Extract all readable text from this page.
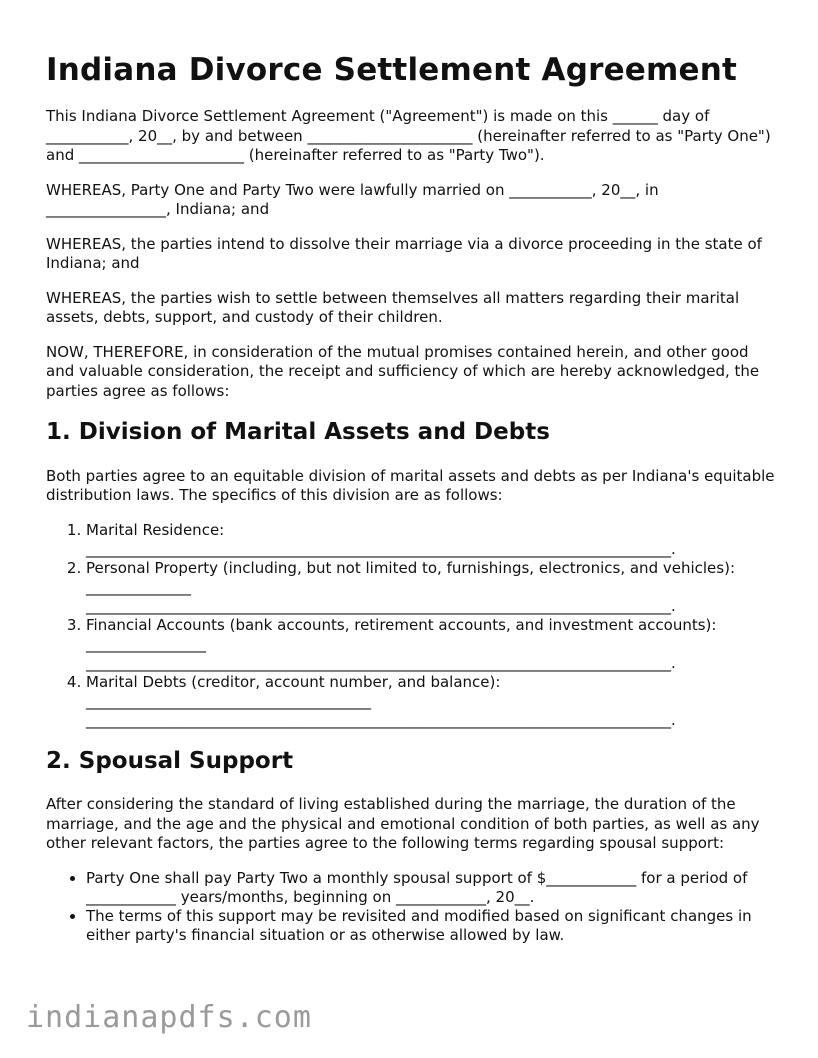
Indiana Divorce Settlement Agreement

This Indiana Divorce Settlement Agreement ("Agreement") is made on this ______ day of ___________, 20__, by and between ______________________ (hereinafter referred to as "Party One") and ______________________ (hereinafter referred to as "Party Two").

WHEREAS, Party One and Party Two were lawfully married on ___________, 20__, in ________________, Indiana; and

WHEREAS, the parties intend to dissolve their marriage via a divorce proceeding in the state of Indiana; and

WHEREAS, the parties wish to settle between themselves all matters regarding their marital assets, debts, support, and custody of their children.

NOW, THEREFORE, in consideration of the mutual promises contained herein, and other good and valuable consideration, the receipt and sufficiency of which are hereby acknowledged, the parties agree as follows:

1. Division of Marital Assets and Debts

Both parties agree to an equitable division of marital assets and debts as per Indiana's equitable distribution laws. The specifics of this division are as follows:

1. Marital Residence: ______________________________________________________________________________.
2. Personal Property (including, but not limited to, furnishings, electronics, and vehicles): ______________ ______________________________________________________________________________.
3. Financial Accounts (bank accounts, retirement accounts, and investment accounts): ________________ ______________________________________________________________________________.
4. Marital Debts (creditor, account number, and balance): ______________________________________ ______________________________________________________________________________.
2. Spousal Support

After considering the standard of living established during the marriage, the duration of the marriage, and the age and the physical and emotional condition of both parties, as well as any other relevant factors, the parties agree to the following terms regarding spousal support:

• Party One shall pay Party Two a monthly spousal support of $____________ for a period of ____________ years/months, beginning on ____________, 20__.
• The terms of this support may be revisited and modified based on significant changes in either party's financial situation or as otherwise allowed by law.
indianapdfs.com
